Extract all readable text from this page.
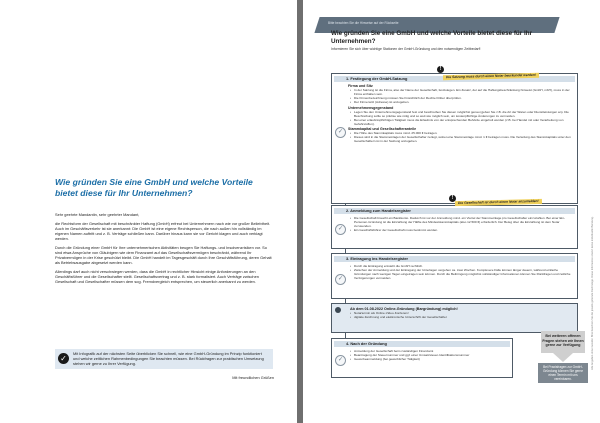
Wie gründen Sie eine GmbH und welche Vorteile bietet diese für Ihr Unternehmen?

Sehr geehrte Mandantin, sehr geehrter Mandant,

die Rechtsform der Gesellschaft mit beschränkter Haftung (GmbH) erfreut bei Unternehmern nach wie vor großer Beliebtheit. Auch im Geschäftsverkehr ist sie anerkannt: Die GmbH ist eine eigene Rechtsperson, die nach außen hin vollständig im eigenen Namen auftritt und z. B. Verträge schließen kann. Darüber hinaus kann sie vor Gericht klagen und auch verklagt werden.

Durch die Gründung einer GmbH für Ihre unternehmerischen Aktivitäten beugen Sie Haftungs- und Insolvenzrisiken vor. So sind etwa Ansprüche von Gläubigern wie dem Finanzamt auf das Gesellschaftsvermögen beschränkt, während Ihr Privatvermögen in der Krise geschützt bleibt. Die GmbH handelt im Tagesgeschäft durch Ihre Geschäftsführung, deren Gehalt als Betriebsausgabe abgesetzt werden kann.

Allerdings darf auch nicht verschwiegen werden, dass die GmbH in rechtlicher Hinsicht einige Anforderungen an den Geschäftsführer und die Gesellschafter stellt. Gesellschaftsvertrag und z. B. stark formalisiert. Auch Verträge zwischen Gesellschaft und Gesellschafter müssen dem sog. Fremdvergleich entsprechen, um steuerlich anerkannt zu werden.

✓
Mit Infografik auf der nächsten Seite überblicken Sie schnell, wie eine GmbH-Gründung im Prinzip funktioniert und welche zeitlichen Rahmenbedingungen Sie beachten müssen. Bei Rückfragen zur praktischen Umsetzung stehen wir gerne zu Ihrer Verfügung.
Mit freundlichen Grüßen
Bitte beachten Sie die Hinweise auf der Rückseite
Wie gründen Sie eine GmbH und welche Vorteile bietet diese für Ihr Unternehmen?
Informieren Sie sich über wichtige Stationen der GmbH-Gründung und den notwendigen Zeitbedarf!
Alle Angaben ohne Gewähr. Bitte beachten Sie die jeweils geltende Rechtslage. Diese Information ersetzt keine individuelle Beratung.
1. Festlegung der GmbH-Satzung
Firma und Sitz
• In der Satzung ist die Firma, also der Name der Gesellschaft, festzulegen. Ein Zusatz, der auf die Haftungsbeschränkung hinweist (GmbH, mbH), muss in der Firma enthalten sein.
• Die Firmenbezeichnung müssen Sie hinsichtlich der Rechte Dritter überprüfen.
• Der Firmensitz (Adresse) ist anzugeben.
Unternehmensgegenstand
• Legen Sie den Unternehmensgegenstand fest und beschreiben Sie diesen möglichst genau (geben Sie z.B. die Art der Waren oder Dienstleistungen an). Die Beschreibung sollte so präzise wie nötig und so weit wie möglich sein, um kostenpflichtige Änderungen zu vermeiden.
• Bei einer erlaubnispflichtigen Tätigkeit muss die Erlaubnis von der entsprechenden Behörde eingeholt werden (z.B. bei Handel mit oder Verarbeitung von Gefahrstoffen).
Stammkapital und Gesellschafteranteile
• Die Höhe des Stammkapitals muss mind. 25.000 € betragen.
• Dieses wird in die Stammeinlagen der Gesellschafter zerlegt, wobei eine Stammeinlage mind. 1 € betragen muss. Die Verteilung des Stammkapitals unter den Gesellschaftern ist in der Satzung anzugeben.
✓
!
Die Satzung muss durch einen Notar beurkundet werden!
2. Anmeldung zum Handelsregister
• Die Gesellschaft braucht ein Bankkonto. Dadurch ist vor der Anmeldung mind. ein Viertel der Stammeinlage pro Gesellschafter einzuzahlen. Bei einer Ein-Personen-Gründung ist die Einzahlung der Hälfte des Mindeststammkapitals (also 12.500 €) erforderlich. Der Beleg über die Einzahlung ist dem Notar zuzusenden.
• Ein Geschäftsführer der Gesellschaft muss bestimmt werden.
✓
!
Die Gesellschaft ist durch einen Notar anzumelden!
3. Eintragung ins Handelsregister
• Durch die Eintragung entsteht die GmbH rechtlich.
• Zwischen der Anmeldung und der Eintragung der Unterlagen vergehen ca. zwei Wochen. Komplexere Fälle können länger dauern, während einfache Gründungen nach wenigen Tagen eingetragen sein können. Durch die Beibringung möglichst vollständiger Informationen können Sie Rückfragen und zeitliche Verzögerungen vermeiden.
✓
Ab dem 01.08.2022 Online-Gründung (Bargründung) möglich!
• Notartermin als Online-Video-Konferenz
• digitale Zeichnung und elektronische Unterschrift der Gesellschafter
4. Nach der Gründung
• Anmeldung der Gesellschaft beim zuständigen Finanzamt
• Beantragung der Steuernummer und ggf. einer Umsatzsteuer-Identifikationsnummer
• Gewerbeanmeldung (bei gewerblicher Tätigkeit)
✓
Bei weiteren offenen Fragen stehen wir Ihnen gerne zur Verfügung
Bei Praxisfragen zur GmbH-Gründung können Sie gerne einen Termin mit uns vereinbaren.
